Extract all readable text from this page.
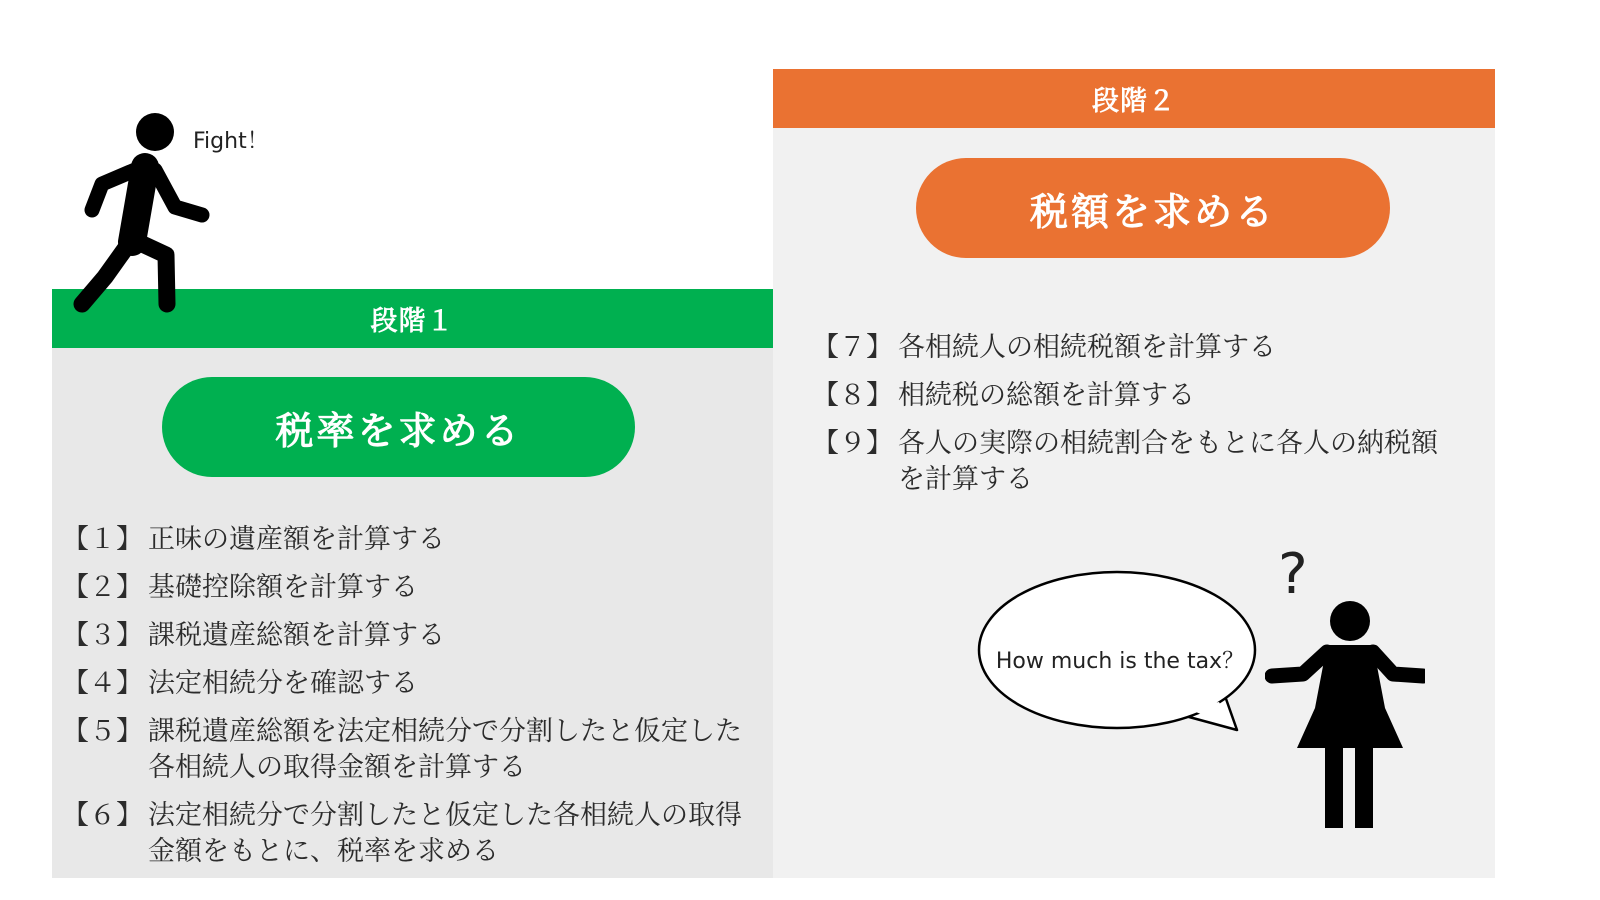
段階１
段階２
税率を求める
税額を求める
【１】 正味の遺産額を計算する
【２】 基礎控除額を計算する
【３】 課税遺産総額を計算する
【４】 法定相続分を確認する
【５】 課税遺産総額を法定相続分で分割したと仮定した各相続人の取得金額を計算する
【６】 法定相続分で分割したと仮定した各相続人の取得金額をもとに、税率を求める
【７】 各相続人の相続税額を計算する
【８】 相続税の総額を計算する
【９】 各人の実際の相続割合をもとに各人の納税額を計算する
Fight！
How much is the tax？
?
